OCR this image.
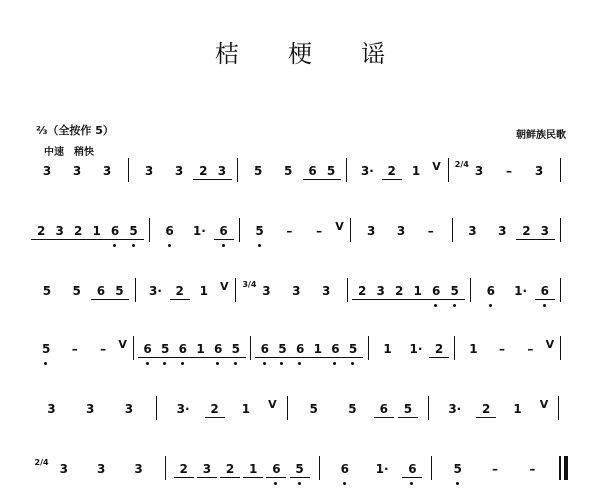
桔 梗 谣
⅔（全按作 5）
中速　稍快
朝鲜族民歌
3	3	3	3	3	2 3	5	5	6 5	3·	2	1	V 2/4 3	–	3
2 3 2 1 6 5	6	1·	6	5	–	–	V	3	3	–	3	3	2 3
5	5	6 5	3·	2	1	V 3/4 3	3	3	2 3 2 1 6 5	6	1·	6
5	–	–	V	6 5 6 1 6 5	6 5 6 1 6 5	1	1·	2	1	–	–	V
3	3	3	3·	2	1	V	5	5	6	5	3·	2	1	V
2/4 3	3	3	2	3	2	1	6	5	6	1·	6	5	–	–
